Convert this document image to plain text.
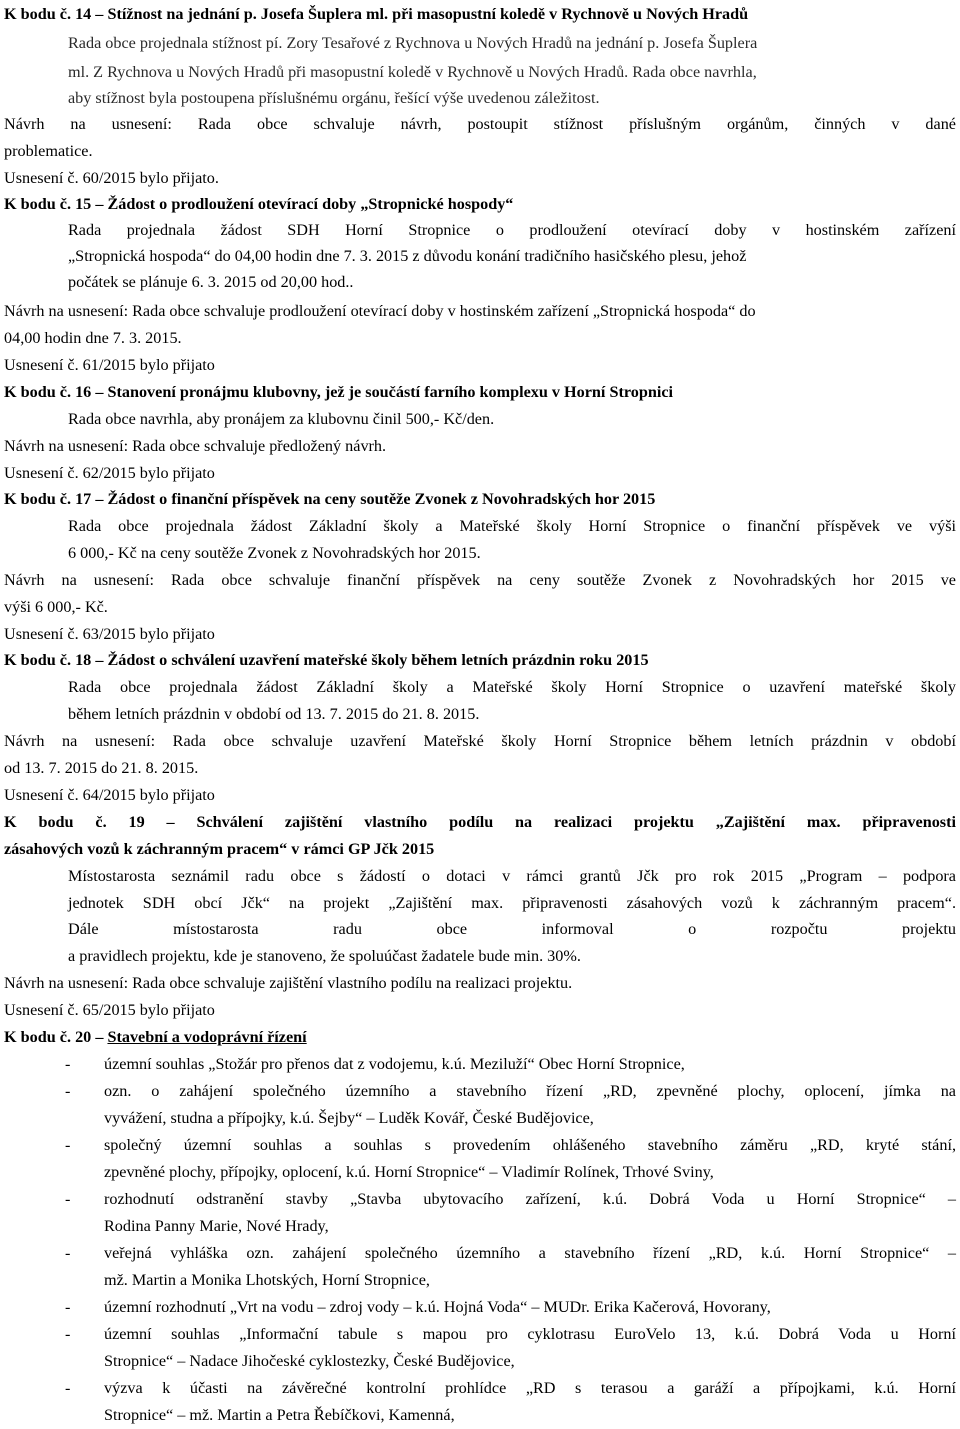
K bodu č. 14 – Stížnost na jednání p. Josefa Šuplera ml. při masopustní koledě v Rychnově u Nových Hradů
Rada obce projednala stížnost pí. Zory Tesařové z Rychnova u Nových Hradů na jednání p. Josefa Šuplera
ml. Z Rychnova u Nových Hradů při masopustní koledě v Rychnově u Nových Hradů. Rada obce navrhla,
aby stížnost byla postoupena příslušnému orgánu, řešící výše uvedenou záležitost.
Návrh na usnesení: Rada obce schvaluje návrh, postoupit stížnost příslušným orgánům, činných v dané
problematice.
Usnesení č. 60/2015 bylo přijato.
K bodu č. 15 – Žádost o prodloužení otevírací doby „Stropnické hospody“
Rada projednala žádost SDH Horní Stropnice o prodloužení otevírací doby v hostinském zařízení
„Stropnická hospoda“ do 04,00 hodin dne 7. 3. 2015 z důvodu konání tradičního hasičského plesu, jehož
počátek se plánuje 6. 3. 2015 od 20,00 hod..
Návrh na usnesení: Rada obce schvaluje prodloužení otevírací doby v hostinském zařízení „Stropnická hospoda“ do
04,00 hodin dne 7. 3. 2015.
Usnesení č. 61/2015 bylo přijato
K bodu č. 16 – Stanovení pronájmu klubovny, jež je součástí farního komplexu v Horní Stropnici
Rada obce navrhla, aby pronájem za klubovnu činil 500,- Kč/den.
Návrh na usnesení: Rada obce schvaluje předložený návrh.
Usnesení č. 62/2015 bylo přijato
K bodu č. 17 – Žádost o finanční příspěvek na ceny soutěže Zvonek z Novohradských hor 2015
Rada obce projednala žádost Základní školy a Mateřské školy Horní Stropnice o finanční příspěvek ve výši
6 000,- Kč na ceny soutěže Zvonek z Novohradských hor 2015.
Návrh na usnesení: Rada obce schvaluje finanční příspěvek na ceny soutěže Zvonek z Novohradských hor 2015 ve
výši 6 000,- Kč.
Usnesení č. 63/2015 bylo přijato
K bodu č. 18 – Žádost o schválení uzavření mateřské školy během letních prázdnin roku 2015
Rada obce projednala žádost Základní školy a Mateřské školy Horní Stropnice o uzavření mateřské školy
během letních prázdnin v období od 13. 7. 2015 do 21. 8. 2015.
Návrh na usnesení: Rada obce schvaluje uzavření Mateřské školy Horní Stropnice během letních prázdnin v období
od 13. 7. 2015 do 21. 8. 2015.
Usnesení č. 64/2015 bylo přijato
K bodu č. 19 – Schválení zajištění vlastního podílu na realizaci projektu „Zajištění max. připravenosti
zásahových vozů k záchranným pracem“ v rámci GP Jčk 2015
Místostarosta seznámil radu obce s žádostí o dotaci v rámci grantů Jčk pro rok 2015 „Program – podpora
jednotek SDH obcí Jčk“ na projekt „Zajištění max. připravenosti zásahových vozů k záchranným pracem“.
Dále místostarosta radu obce informoval o rozpočtu projektu
a pravidlech projektu, kde je stanoveno, že spoluúčast žadatele bude min. 30%.
Návrh na usnesení: Rada obce schvaluje zajištění vlastního podílu na realizaci projektu.
Usnesení č. 65/2015 bylo přijato
K bodu č. 20 – Stavební a vodoprávní řízení
- územní souhlas „Stožár pro přenos dat z vodojemu, k.ú. Meziluží“ Obec Horní Stropnice,
- ozn. o zahájení společného územního a stavebního řízení „RD, zpevněné plochy, oplocení, jímka na
vyvážení, studna a přípojky, k.ú. Šejby“ – Luděk Kovář, České Budějovice,
- společný územní souhlas a souhlas s provedením ohlášeného stavebního záměru „RD, kryté stání,
zpevněné plochy, přípojky, oplocení, k.ú. Horní Stropnice“ – Vladimír Rolínek, Trhové Sviny,
- rozhodnutí odstranění stavby „Stavba ubytovacího zařízení, k.ú. Dobrá Voda u Horní Stropnice“ –
Rodina Panny Marie, Nové Hrady,
- veřejná vyhláška ozn. zahájení společného územního a stavebního řízení „RD, k.ú. Horní Stropnice“ –
mž. Martin a Monika Lhotských, Horní Stropnice,
- územní rozhodnutí „Vrt na vodu – zdroj vody – k.ú. Hojná Voda“ – MUDr. Erika Kačerová, Hovorany,
- územní souhlas „Informační tabule s mapou pro cyklotrasu EuroVelo 13, k.ú. Dobrá Voda u Horní
Stropnice“ – Nadace Jihočeské cyklostezky, České Budějovice,
- výzva k účasti na závěrečné kontrolní prohlídce „RD s terasou a garáží a přípojkami, k.ú. Horní
Stropnice“ – mž. Martin a Petra Řebíčkovi, Kamenná,
